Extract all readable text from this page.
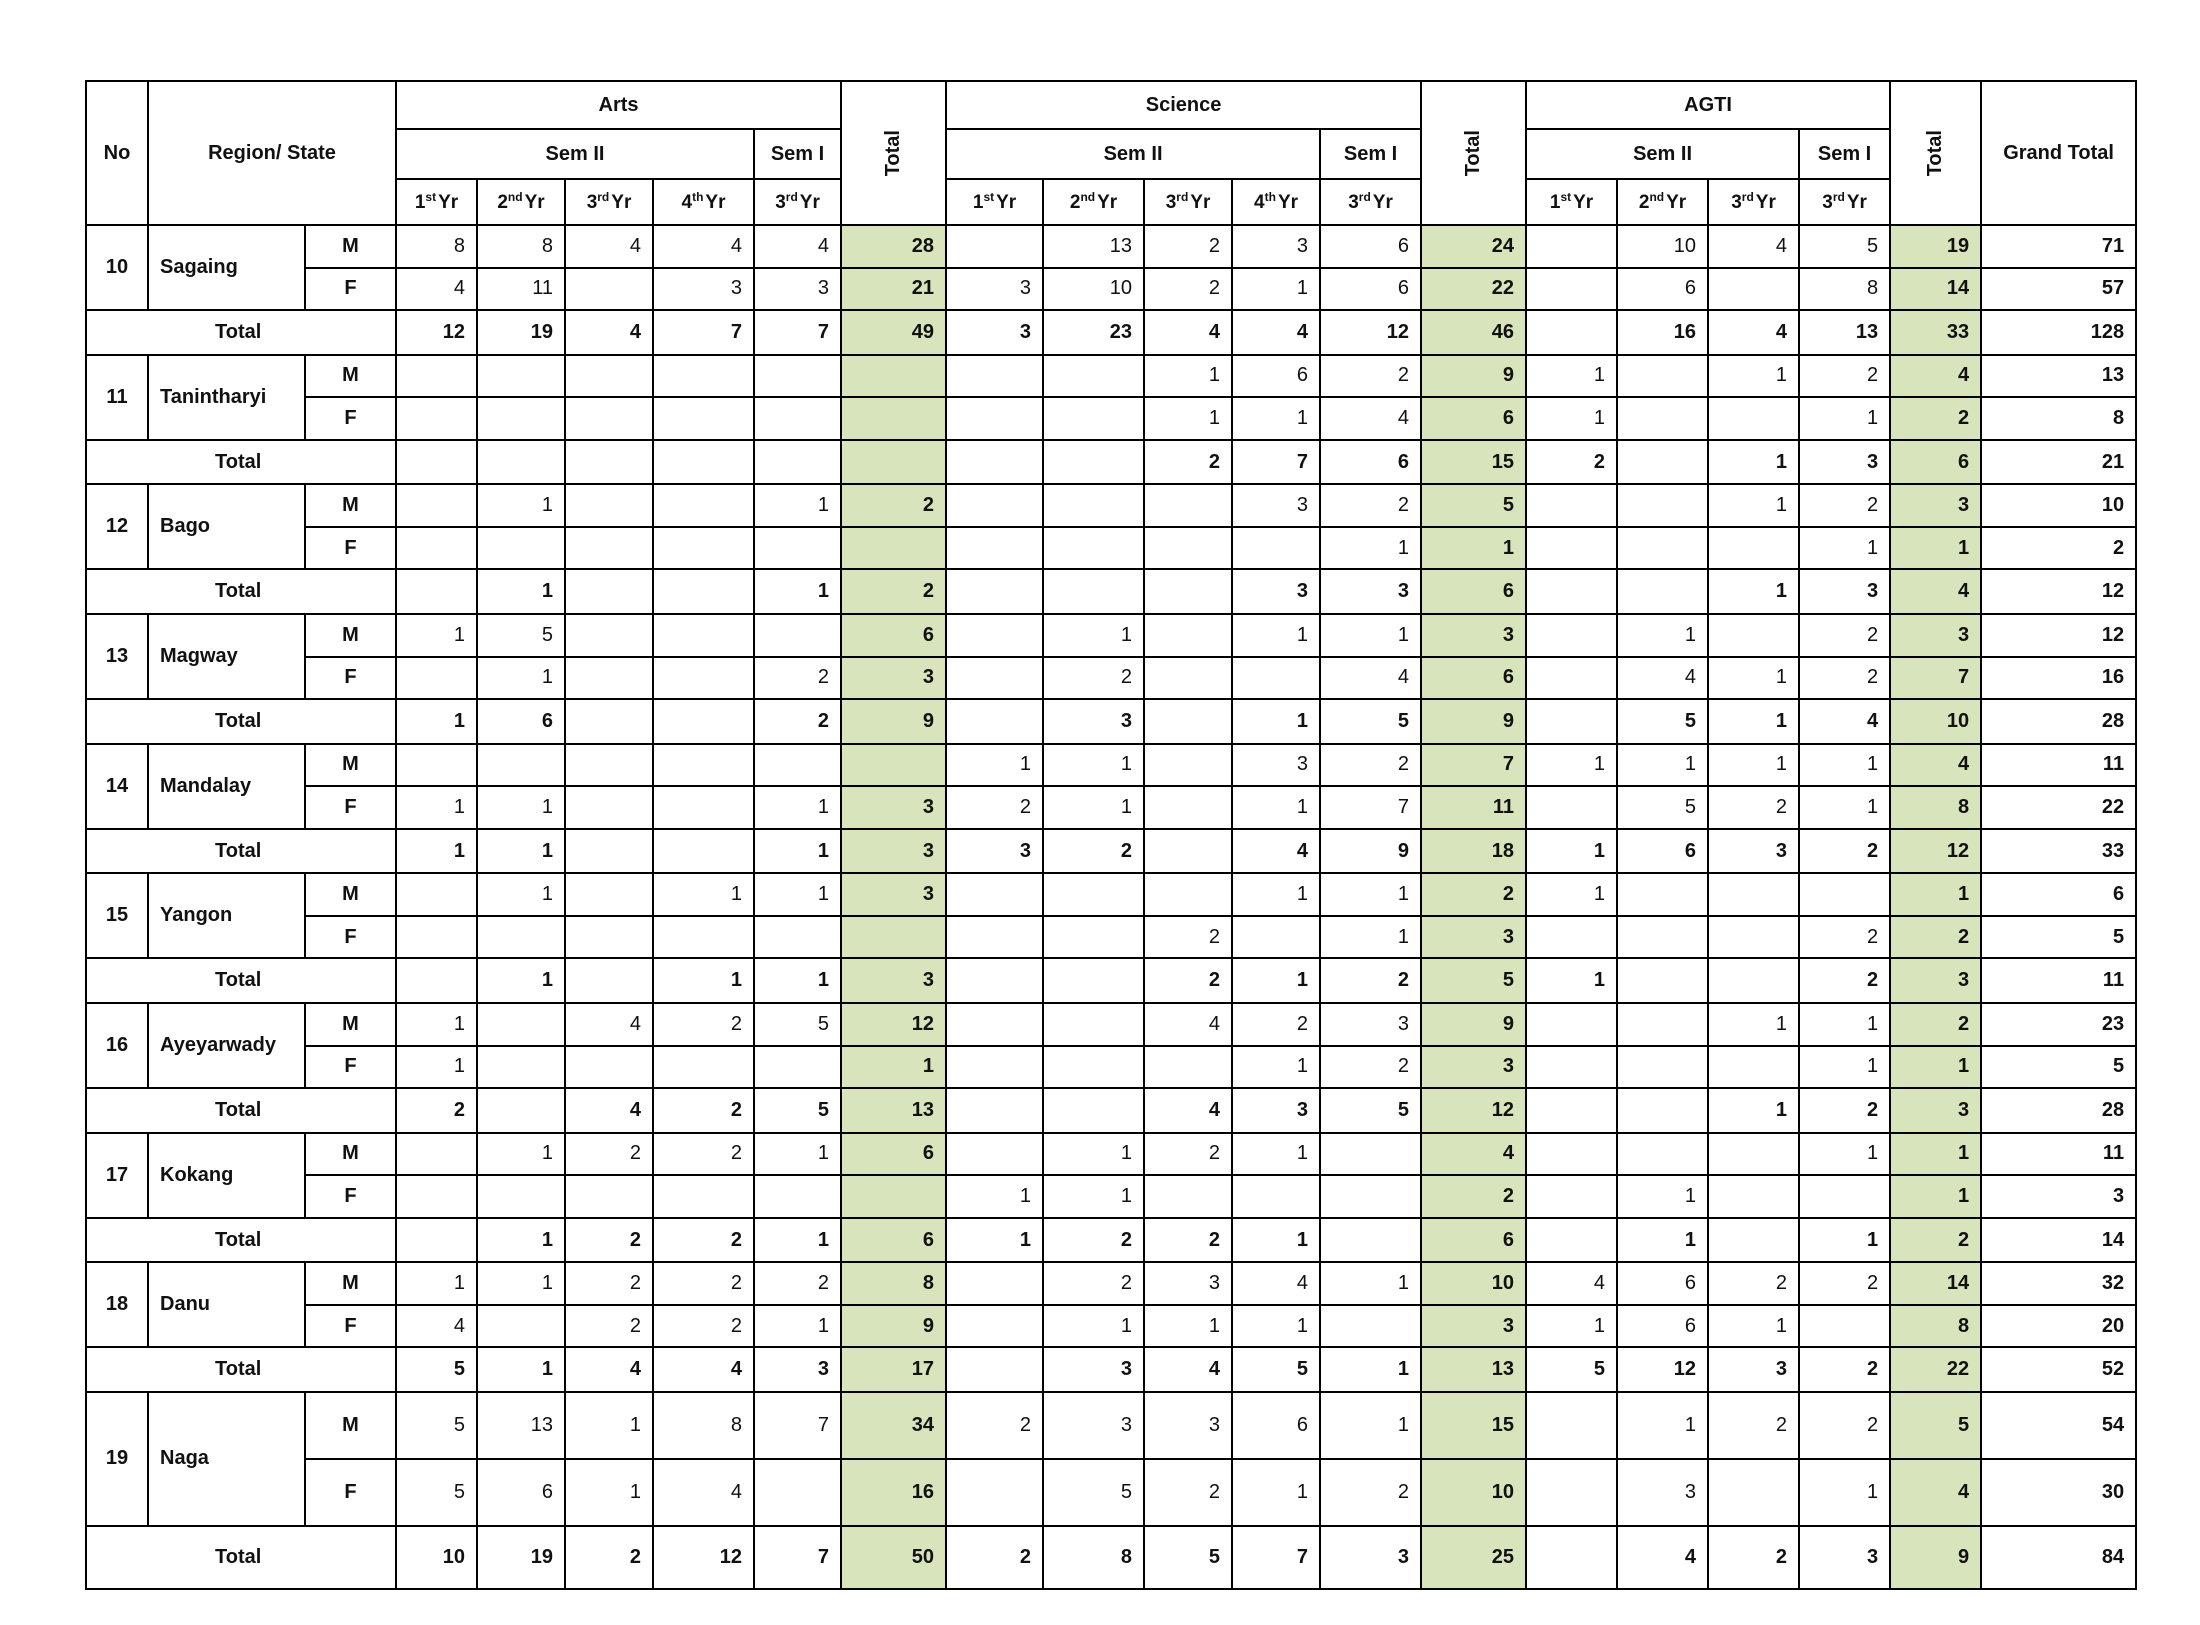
No	Region/ State		Arts					Total	Science					Total	AGTI				Total	Grand Total
			Sem II				Sem I		Sem II				Sem I		Sem II			Sem I		
			1st Yr	2nd Yr	3rd Yr	4th Yr	3rd Yr		1st Yr	2nd Yr	3rd Yr	4th Yr	3rd Yr		1st Yr	2nd Yr	3rd Yr	3rd Yr		
10	Sagaing	M	8	8	4	4	4	28		13	2	3	6	24		10	4	5	19	71
		F	4	11		3	3	21	3	10	2	1	6	22		6		8	14	57
Total			12	19	4	7	7	49	3	23	4	4	12	46		16	4	13	33	128
11	Tanintharyi	M									1	6	2	9	1		1	2	4	13
		F									1	1	4	6	1			1	2	8
Total											2	7	6	15	2		1	3	6	21
12	Bago	M		1			1	2				3	2	5			1	2	3	10
		F											1	1				1	1	2
Total				1			1	2				3	3	6			1	3	4	12
13	Magway	M	1	5				6		1		1	1	3		1		2	3	12
		F		1			2	3		2			4	6		4	1	2	7	16
Total			1	6			2	9		3		1	5	9		5	1	4	10	28
14	Mandalay	M							1	1		3	2	7	1	1	1	1	4	11
		F	1	1			1	3	2	1		1	7	11		5	2	1	8	22
Total			1	1			1	3	3	2		4	9	18	1	6	3	2	12	33
15	Yangon	M		1		1	1	3				1	1	2	1				1	6
		F									2		1	3				2	2	5
Total				1		1	1	3			2	1	2	5	1			2	3	11
16	Ayeyarwady	M	1		4	2	5	12			4	2	3	9			1	1	2	23
		F	1					1				1	2	3				1	1	5
Total			2		4	2	5	13			4	3	5	12			1	2	3	28
17	Kokang	M		1	2	2	1	6		1	2	1		4				1	1	11
		F							1	1				2		1			1	3
Total				1	2	2	1	6	1	2	2	1		6		1		1	2	14
18	Danu	M	1	1	2	2	2	8		2	3	4	1	10	4	6	2	2	14	32
		F	4		2	2	1	9		1	1	1		3	1	6	1		8	20
Total			5	1	4	4	3	17		3	4	5	1	13	5	12	3	2	22	52
19	Naga	M	5	13	1	8	7	34	2	3	3	6	1	15		1	2	2	5	54
		F	5	6	1	4		16		5	2	1	2	10		3		1	4	30
Total			10	19	2	12	7	50	2	8	5	7	3	25		4	2	3	9	84
